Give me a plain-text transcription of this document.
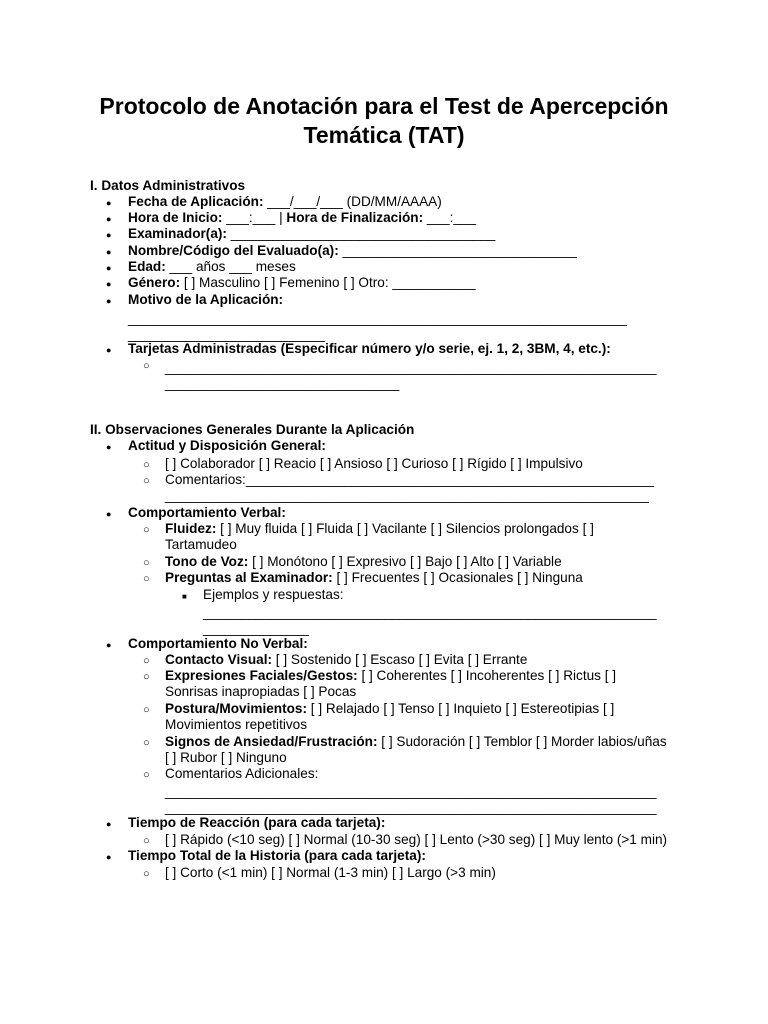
Protocolo de Anotación para el Test de Apercepción
Temática (TAT)
I. Datos Administrativos
●
Fecha de Aplicación: ___/___/___ (DD/MM/AAAA)
●
Hora de Inicio: ___:___ | Hora de Finalización: ___:___
●
Examinador(a): ___________________________________
●
Nombre/Código del Evaluado(a): _______________________________
●
Edad: ___ años ___ meses
●
Género: [ ] Masculino [ ] Femenino [ ] Otro: ___________
●
Motivo de la Aplicación:
__________________________________________________________________
__________________________
●
Tarjetas Administradas (Especificar número y/o serie, ej. 1, 2, 3BM, 4, etc.):
○
_________________________________________________________________
_______________________________
II. Observaciones Generales Durante la Aplicación
●
Actitud y Disposición General:
○
[ ] Colaborador [ ] Reacio [ ] Ansioso [ ] Curioso [ ] Rígido [ ] Impulsivo
○
Comentarios:______________________________________________________
________________________________________________________________
●
Comportamiento Verbal:
○
Fluidez: [ ] Muy fluida [ ] Fluida [ ] Vacilante [ ] Silencios prolongados [ ]
Tartamudeo
○
Tono de Voz: [ ] Monótono [ ] Expresivo [ ] Bajo [ ] Alto [ ] Variable
○
Preguntas al Examinador: [ ] Frecuentes [ ] Ocasionales [ ] Ninguna
■
Ejemplos y respuestas:
____________________________________________________________
______________
●
Comportamiento No Verbal:
○
Contacto Visual: [ ] Sostenido [ ] Escaso [ ] Evita [ ] Errante
○
Expresiones Faciales/Gestos: [ ] Coherentes [ ] Incoherentes [ ] Rictus [ ]
Sonrisas inapropiadas [ ] Pocas
○
Postura/Movimientos: [ ] Relajado [ ] Tenso [ ] Inquieto [ ] Estereotipias [ ]
Movimientos repetitivos
○
Signos de Ansiedad/Frustración: [ ] Sudoración [ ] Temblor [ ] Morder labios/uñas
[ ] Rubor [ ] Ninguno
○
Comentarios Adicionales:
_________________________________________________________________
_________________________________________________________________
●
Tiempo de Reacción (para cada tarjeta):
○
[ ] Rápido (<10 seg) [ ] Normal (10-30 seg) [ ] Lento (>30 seg) [ ] Muy lento (>1 min)
●
Tiempo Total de la Historia (para cada tarjeta):
○
[ ] Corto (<1 min) [ ] Normal (1-3 min) [ ] Largo (>3 min)
